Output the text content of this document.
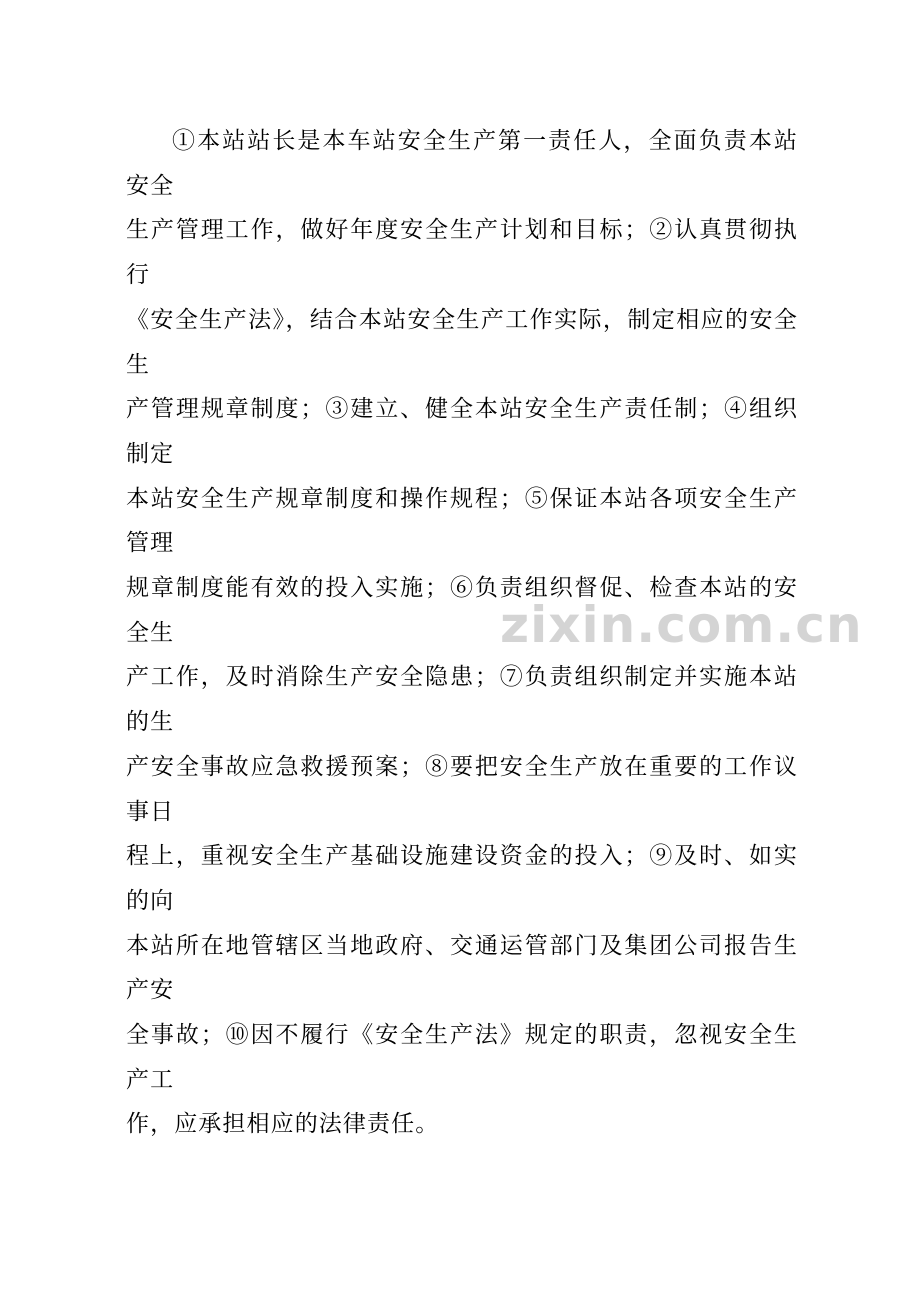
①本站站长是本车站安全生产第一责任人，全面负责本站安全
生产管理工作，做好年度安全生产计划和目标；②认真贯彻执行
《安全生产法》，结合本站安全生产工作实际，制定相应的安全生
产管理规章制度；③建立、健全本站安全生产责任制；④组织制定
本站安全生产规章制度和操作规程；⑤保证本站各项安全生产管理
规章制度能有效的投入实施；⑥负责组织督促、检查本站的安全生
产工作，及时消除生产安全隐患；⑦负责组织制定并实施本站的生
产安全事故应急救援预案；⑧要把安全生产放在重要的工作议事日
程上，重视安全生产基础设施建设资金的投入；⑨及时、如实的向
本站所在地管辖区当地政府、交通运管部门及集团公司报告生产安
全事故；⑩因不履行《安全生产法》规定的职责，忽视安全生产工
作，应承担相应的法律责任。

zixin.com.cn
